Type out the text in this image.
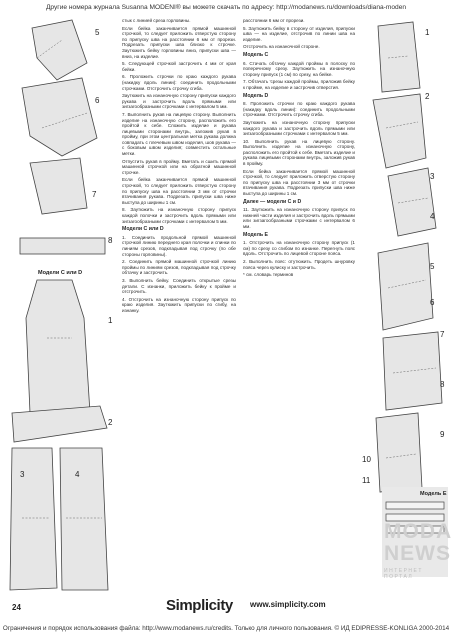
Другие номера журнала Susanna MODENI® вы можете скачать по адресу: http://modanews.ru/downloads/diana-moden
Ограничения и порядок использования файла: http://www.modanews.ru/credits. Только для личного пользования. © ИД EDIPRESSE-KONLIGA 2000-2014
24	Simplicity www.simplicity.com
5
6
7
8
Модели C или D
1
2
3	4

стык с линией среза горловины.

Если бейка заканчивается прямой машинной строчкой, то следует приложить отверстую сторону по припуску шва на расстоянии 6 мм от прорези. Подрезать припуски шва близко к строчке. Заутюжить бейку горловины вниз, припуски шва — вниз, на изделие.

5. Следующей строчкой застрочить 4 мм от края бейки.

6. Проложить строчки по краю каждого рукава (накидку вдоль линии): соединить продольными строчками. Отстрочить строчку сгиба.

Заутюжить на изнаночную сторону припуски каждого рукава и застрочить вдоль прямыми или зигзагообразными строчками с интервалом 5 мм.

7. Выполнить рукав на лицевую сторону. Выполнить изделие на изнаночную сторону, расположить его пройтой к себе. Сложить изделие и рукава лицевыми сторонами внутрь, заложив рукав в пройму, при этом центральная метка рукава должна совпадать с плечевым швом изделия, шов рукава — с боковым швом изделия; совместить остальные метки.

Отпустить рукав в пройму. Вметать и сшить прямой машинной строчкой или на обратной машинной строчке.

Если бейка заканчивается прямой машинной строчкой, то следует приложить отверстую сторону по припуску шва на расстоянии 3 мм от строчки втачивания рукава. Подрезать припуски шва ниже выступа до ширины 1 см.

8. Заутюжить на изнаночную сторону припуск каждой полочки и застрочить вдоль прямыми или зигзагообразными строчками с интервалом 5 мм.

Модели C или D

1. Соединить продольной прямой машинной строчкой линию переднего края полочки и спинки по линиям срезов, подкладывая под строчку (по обе стороны горловины).

2. Соединить прямой машинной строчкой линию проймы по линиям срезов, подкладывая под строчку обтачку и застрочить.

3. Выполнить бейку. Соединить открытые срезы детали. С изнанки, приложить бейку к пройме и отстрочить.

4. Отстрочить на изнаночную сторону припуск по краю изделия. Заутюжить припуски по сгибу, на изнанку.

расстоянии 6 мм от прорези.

5. Заутюжить бейку в сторону от изделия, припуски шва — на изделие, отстрочив по линии шва на изделие.

Отстрочить на изнаночной стороне.

Модель С

6. Стачать обтачку каждой проймы в полоску по поперечному срезу. Заутюжить на изнаночную сторону припуск (1 см) по срезу, на бейке.

7. Обтачать 'срезы каждой проймы, приложив бейку к пройме, на изделие и застрочив отверстия.

Модель D

8. Проложить строчки по краю каждого рукава (накидку вдоль линии): соединить продольными строчками. Отстрочить строчку сгиба.

Заутюжить на изнаночную сторону припуски каждого рукава и застрочить вдоль прямыми или зигзагообразными строчками с интервалом 5 мм.

10. Выполнить рукав на лицевую сторону. Выполнить изделие на изнаночную сторону, расположить его пройтой к себе. Вметать изделие и рукава лицевыми сторонами внутрь, заложив рукав в пройму.

Если бейка заканчивается прямой машинной строчкой, то следует приложить отверстую сторону по припуску шва на расстоянии 3 мм от строчки втачивания рукава. Подрезать припуски шва ниже выступа до ширины 1 см.

Далее — модели C и D

11. Заутюжить на изнаночную сторону припуск по нижней части изделия и застрочить вдоль прямыми или зигзагообразными строчками с интервалом 6 мм.

Модель E

1. Отстрочить на изнаночную сторону припуск (1 см) по срезу со сгибом по изнанке. Перегнуть пояс вдоль. Отстрочить по лицевой стороне пояса.

2. Выполнить пояс: отутюжить. Продеть шнуровку пояса через кулиску и застрочить.

* см. словарь терминов

1
2
3
4
5
6
7
8
9
10
11
Модель E
MODA
NEWS
ИНТЕРНЕТ ПОРТАЛ
